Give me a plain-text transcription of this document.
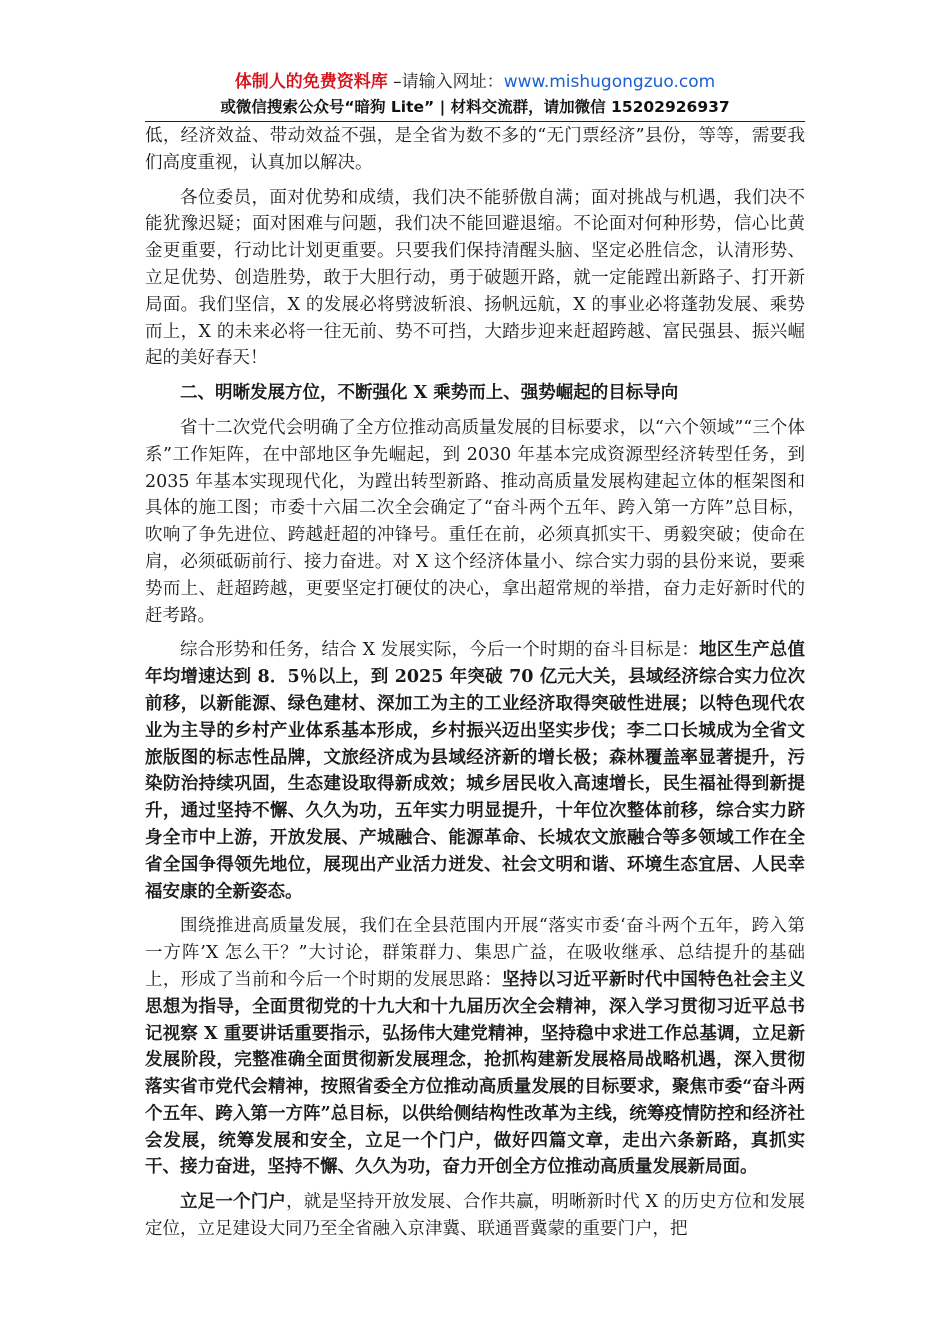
体制人的免费资料库 –请输入网址：www.mishugongzuo.com
或微信搜索公众号“暗狗 Lite” | 材料交流群，请加微信 15202926937

低，经济效益、带动效益不强，是全省为数不多的“无门票经济”县份，等等，需要我们高度重视，认真加以解决。

各位委员，面对优势和成绩，我们决不能骄傲自满；面对挑战与机遇，我们决不能犹豫迟疑；面对困难与问题，我们决不能回避退缩。不论面对何种形势，信心比黄金更重要，行动比计划更重要。只要我们保持清醒头脑、坚定必胜信念，认清形势、立足优势、创造胜势，敢于大胆行动，勇于破题开路，就一定能蹚出新路子、打开新局面。我们坚信，X 的发展必将劈波斩浪、扬帆远航，X 的事业必将蓬勃发展、乘势而上，X 的未来必将一往无前、势不可挡，大踏步迎来赶超跨越、富民强县、振兴崛起的美好春天！

二、明晰发展方位，不断强化 X 乘势而上、强势崛起的目标导向

省十二次党代会明确了全方位推动高质量发展的目标要求，以“六个领域”“三个体系”工作矩阵，在中部地区争先崛起，到 2030 年基本完成资源型经济转型任务，到 2035 年基本实现现代化，为蹚出转型新路、推动高质量发展构建起立体的框架图和具体的施工图；市委十六届二次全会确定了“奋斗两个五年、跨入第一方阵”总目标，吹响了争先进位、跨越赶超的冲锋号。重任在前，必须真抓实干、勇毅突破；使命在肩，必须砥砺前行、接力奋进。对 X 这个经济体量小、综合实力弱的县份来说，要乘势而上、赶超跨越，更要坚定打硬仗的决心，拿出超常规的举措，奋力走好新时代的赶考路。

综合形势和任务，结合 X 发展实际，今后一个时期的奋斗目标是：地区生产总值年均增速达到 8．5％以上，到 2025 年突破 70 亿元大关，县域经济综合实力位次前移，以新能源、绿色建材、深加工为主的工业经济取得突破性进展；以特色现代农业为主导的乡村产业体系基本形成，乡村振兴迈出坚实步伐；李二口长城成为全省文旅版图的标志性品牌，文旅经济成为县域经济新的增长极；森林覆盖率显著提升，污染防治持续巩固，生态建设取得新成效；城乡居民收入高速增长，民生福祉得到新提升，通过坚持不懈、久久为功，五年实力明显提升，十年位次整体前移，综合实力跻身全市中上游，开放发展、产城融合、能源革命、长城农文旅融合等多领域工作在全省全国争得领先地位，展现出产业活力迸发、社会文明和谐、环境生态宜居、人民幸福安康的全新姿态。

围绕推进高质量发展，我们在全县范围内开展“落实市委‘奋斗两个五年，跨入第一方阵’X 怎么干？”大讨论，群策群力、集思广益，在吸收继承、总结提升的基础上，形成了当前和今后一个时期的发展思路：坚持以习近平新时代中国特色社会主义思想为指导，全面贯彻党的十九大和十九届历次全会精神，深入学习贯彻习近平总书记视察 X 重要讲话重要指示，弘扬伟大建党精神，坚持稳中求进工作总基调，立足新发展阶段，完整准确全面贯彻新发展理念，抢抓构建新发展格局战略机遇，深入贯彻落实省市党代会精神，按照省委全方位推动高质量发展的目标要求，聚焦市委“奋斗两个五年、跨入第一方阵”总目标，以供给侧结构性改革为主线，统筹疫情防控和经济社会发展，统筹发展和安全，立足一个门户，做好四篇文章，走出六条新路，真抓实干、接力奋进，坚持不懈、久久为功，奋力开创全方位推动高质量发展新局面。

立足一个门户，就是坚持开放发展、合作共赢，明晰新时代 X 的历史方位和发展定位，立足建设大同乃至全省融入京津冀、联通晋冀蒙的重要门户，把
